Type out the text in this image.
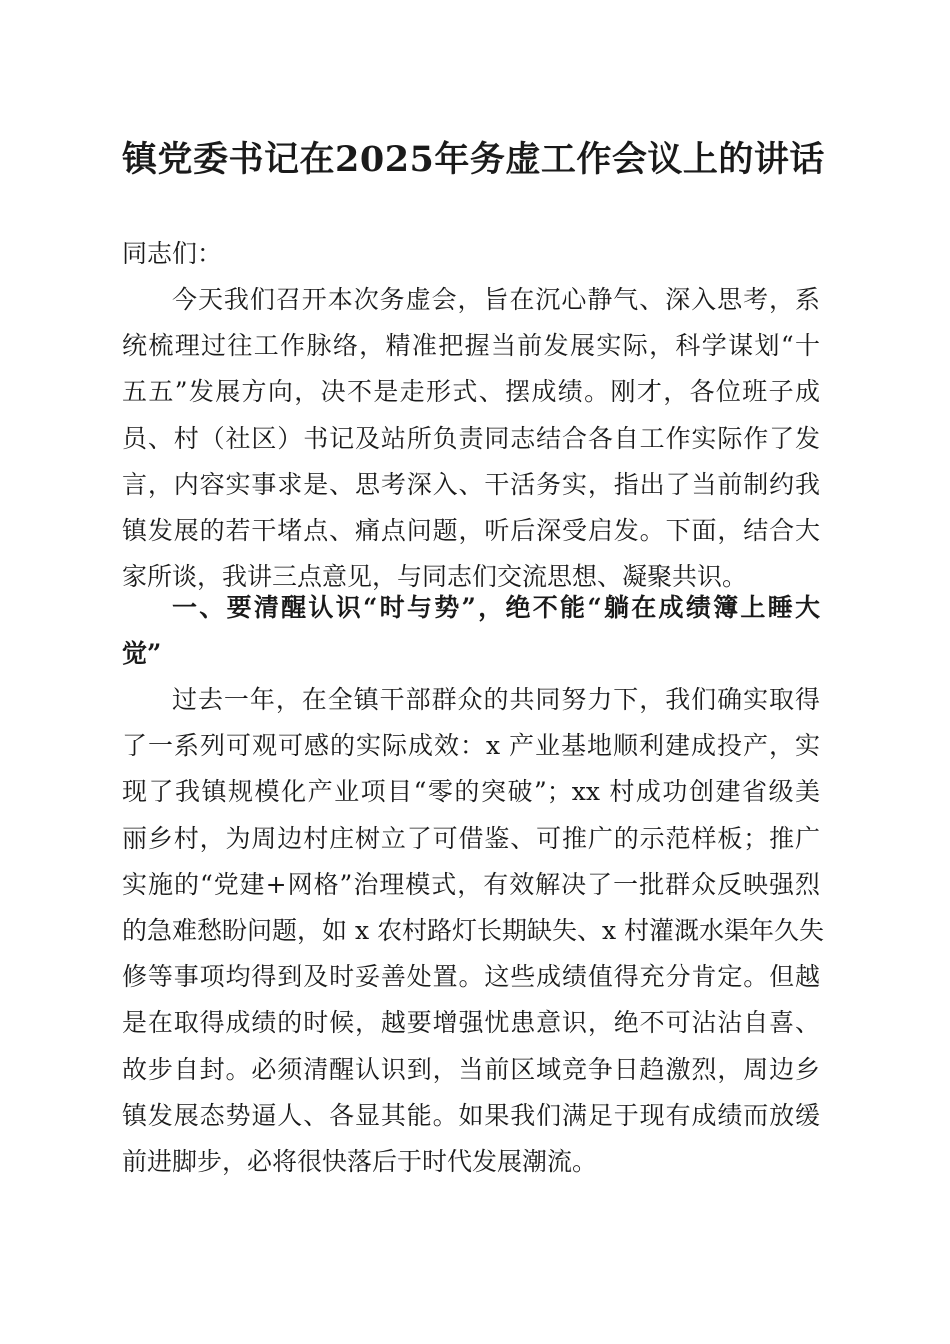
镇党委书记在2025年务虚工作会议上的讲话

同志们：

今天我们召开本次务虚会，旨在沉心静气、深入思考，系
统梳理过往工作脉络，精准把握当前发展实际，科学谋划“十
五五”发展方向，决不是走形式、摆成绩。刚才，各位班子成
员、村（社区）书记及站所负责同志结合各自工作实际作了发
言，内容实事求是、思考深入、干活务实，指出了当前制约我
镇发展的若干堵点、痛点问题，听后深受启发。下面，结合大
家所谈，我讲三点意见，与同志们交流思想、凝聚共识。
一、要清醒认识“时与势”，绝不能“躺在成绩簿上睡大
觉”
过去一年，在全镇干部群众的共同努力下，我们确实取得
了一系列可观可感的实际成效：x 产业基地顺利建成投产，实
现了我镇规模化产业项目“零的突破”；xx 村成功创建省级美
丽乡村，为周边村庄树立了可借鉴、可推广的示范样板；推广
实施的“党建+网格”治理模式，有效解决了一批群众反映强烈
的急难愁盼问题，如 x 农村路灯长期缺失、x 村灌溉水渠年久失
修等事项均得到及时妥善处置。这些成绩值得充分肯定。但越
是在取得成绩的时候，越要增强忧患意识，绝不可沾沾自喜、
故步自封。必须清醒认识到，当前区域竞争日趋激烈，周边乡
镇发展态势逼人、各显其能。如果我们满足于现有成绩而放缓
前进脚步，必将很快落后于时代发展潮流。
